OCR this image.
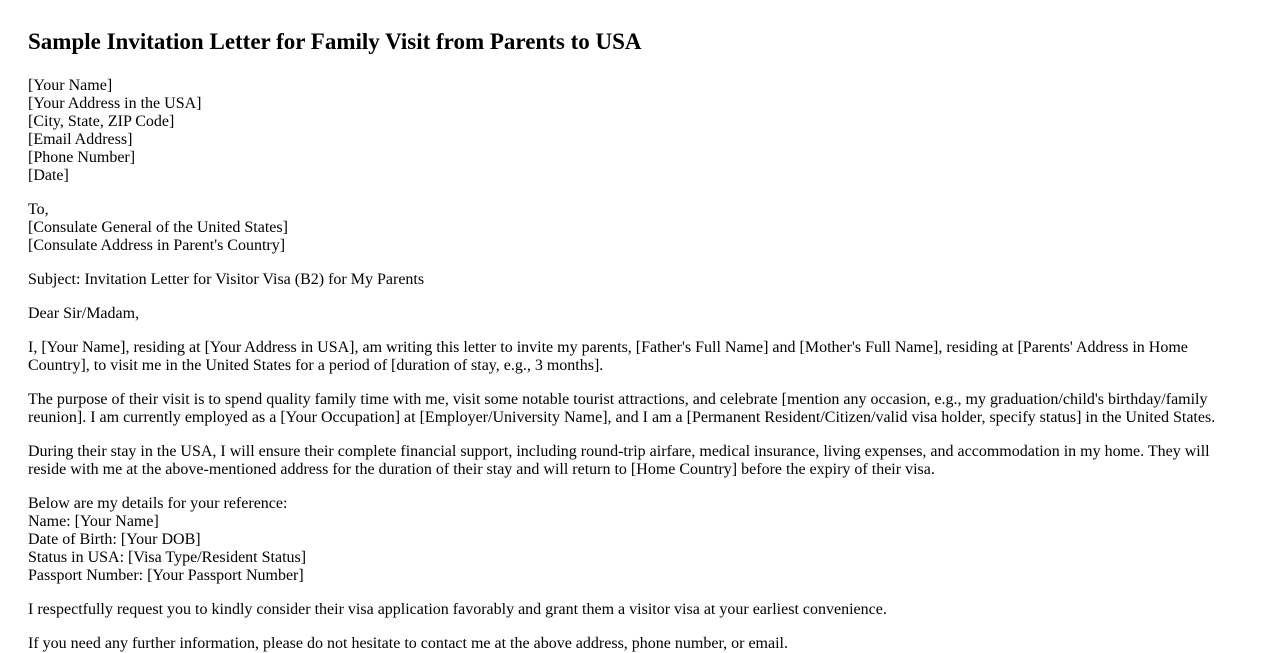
Sample Invitation Letter for Family Visit from Parents to USA
[Your Name]
[Your Address in the USA]
[City, State, ZIP Code]
[Email Address]
[Phone Number]
[Date]
To,
[Consulate General of the United States]
[Consulate Address in Parent's Country]

Subject: Invitation Letter for Visitor Visa (B2) for My Parents

Dear Sir/Madam,

I, [Your Name], residing at [Your Address in USA], am writing this letter to invite my parents, [Father's Full Name] and [Mother's Full Name], residing at [Parents' Address in Home Country], to visit me in the United States for a period of [duration of stay, e.g., 3 months].

The purpose of their visit is to spend quality family time with me, visit some notable tourist attractions, and celebrate [mention any occasion, e.g., my graduation/child's birthday/family reunion]. I am currently employed as a [Your Occupation] at [Employer/University Name], and I am a [Permanent Resident/Citizen/valid visa holder, specify status] in the United States.

During their stay in the USA, I will ensure their complete financial support, including round-trip airfare, medical insurance, living expenses, and accommodation in my home. They will reside with me at the above-mentioned address for the duration of their stay and will return to [Home Country] before the expiry of their visa.

Below are my details for your reference:
Name: [Your Name]
Date of Birth: [Your DOB]
Status in USA: [Visa Type/Resident Status]
Passport Number: [Your Passport Number]

I respectfully request you to kindly consider their visa application favorably and grant them a visitor visa at your earliest convenience.

If you need any further information, please do not hesitate to contact me at the above address, phone number, or email.
